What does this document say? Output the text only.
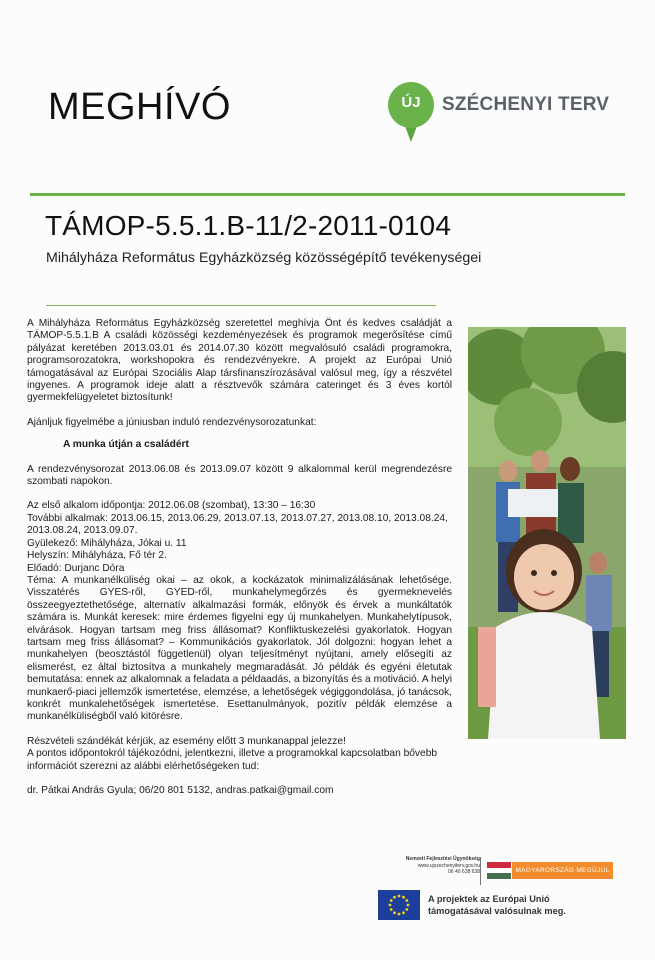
MEGHÍVÓ	ÚJ	SZÉCHENYI TERV
TÁMOP-5.5.1.B-11/2-2011-0104
Mihályháza Református Egyházközség közösségépítő tevékenységei

A Mihályháza Református Egyházközség szeretettel meghívja Önt és kedves családját a TÁMOP-5.5.1.B A családi közösségi kezdeményezések és programok megerősítése című pályázat keretében 2013.03.01 és 2014.07.30 között megvalósuló családi programokra, programsorozatokra, workshopokra és rendezvényekre. A projekt az Európai Unió támogatásával az Európai Szociális Alap társfinanszírozásával valósul meg, így a részvétel ingyenes. A programok ideje alatt a résztvevők számára cateringet és 3 éves kortól gyermekfelügyeletet biztosítunk!

Ajánljuk figyelmébe a júniusban induló rendezvénysorozatunkat:

A munka útján a családért

A rendezvénysorozat 2013.06.08 és 2013.09.07 között 9 alkalommal kerül megrendezésre szombati napokon.

Az első alkalom időpontja: 2012.06.08 (szombat), 13:30 – 16:30

További alkalmak: 2013.06.15, 2013.06.29, 2013.07.13, 2013.07.27, 2013.08.10, 2013.08.24, 2013.08.24, 2013.09.07.

Gyülekező: Mihályháza, Jókai u. 11

Helyszín: Mihályháza, Fő tér 2.

Előadó: Durjanc Dóra

Téma: A munkanélküliség okai – az okok, a kockázatok minimalizálásának lehetősége. Visszatérés GYES-ről, GYED-ről, munkahelymegőrzés és gyermeknevelés összeegyeztethetősége, alternatív alkalmazási formák, előnyök és érvek a munkáltatók számára is. Munkát keresek: mire érdemes figyelni egy új munkahelyen. Munkahelytípusok, elvárások. Hogyan tartsam meg friss állásomat? Konfliktuskezelési gyakorlatok. Hogyan tartsam meg friss állásomat? – Kommunikációs gyakorlatok. Jól dolgozni: hogyan lehet a munkahelyen (beosztástól függetlenül) olyan teljesítményt nyújtani, amely elősegíti az elismerést, ez által biztosítva a munkahely megmaradását. Jó példák és egyéni életutak bemutatása: ennek az alkalomnak a feladata a példaadás, a bizonyítás és a motiváció. A helyi munkaerő-piaci jellemzők ismertetése, elemzése, a lehetőségek végiggondolása, jó tanácsok, konkrét munkalehetőségek ismertetése. Esettanulmányok, pozitív példák elemzése a munkanélküliségből való kitörésre.

Részvételi szándékát kérjük, az esemény előtt 3 munkanappal jelezze!

A pontos időpontokról tájékozódni, jelentkezni, illetve a programokkal kapcsolatban bővebb információt szerezni az alábbi elérhetőségeken tud:

dr. Pátkai András Gyula; 06/20 801 5132, andras.patkai@gmail.com

Nemzeti Fejlesztési Ügynökség
www.ujszechenyiterv.gov.hu
06 40 638 638	MAGYARORSZÁG MEGÚJUL
A projektek az Európai Unió
támogatásával valósulnak meg.
